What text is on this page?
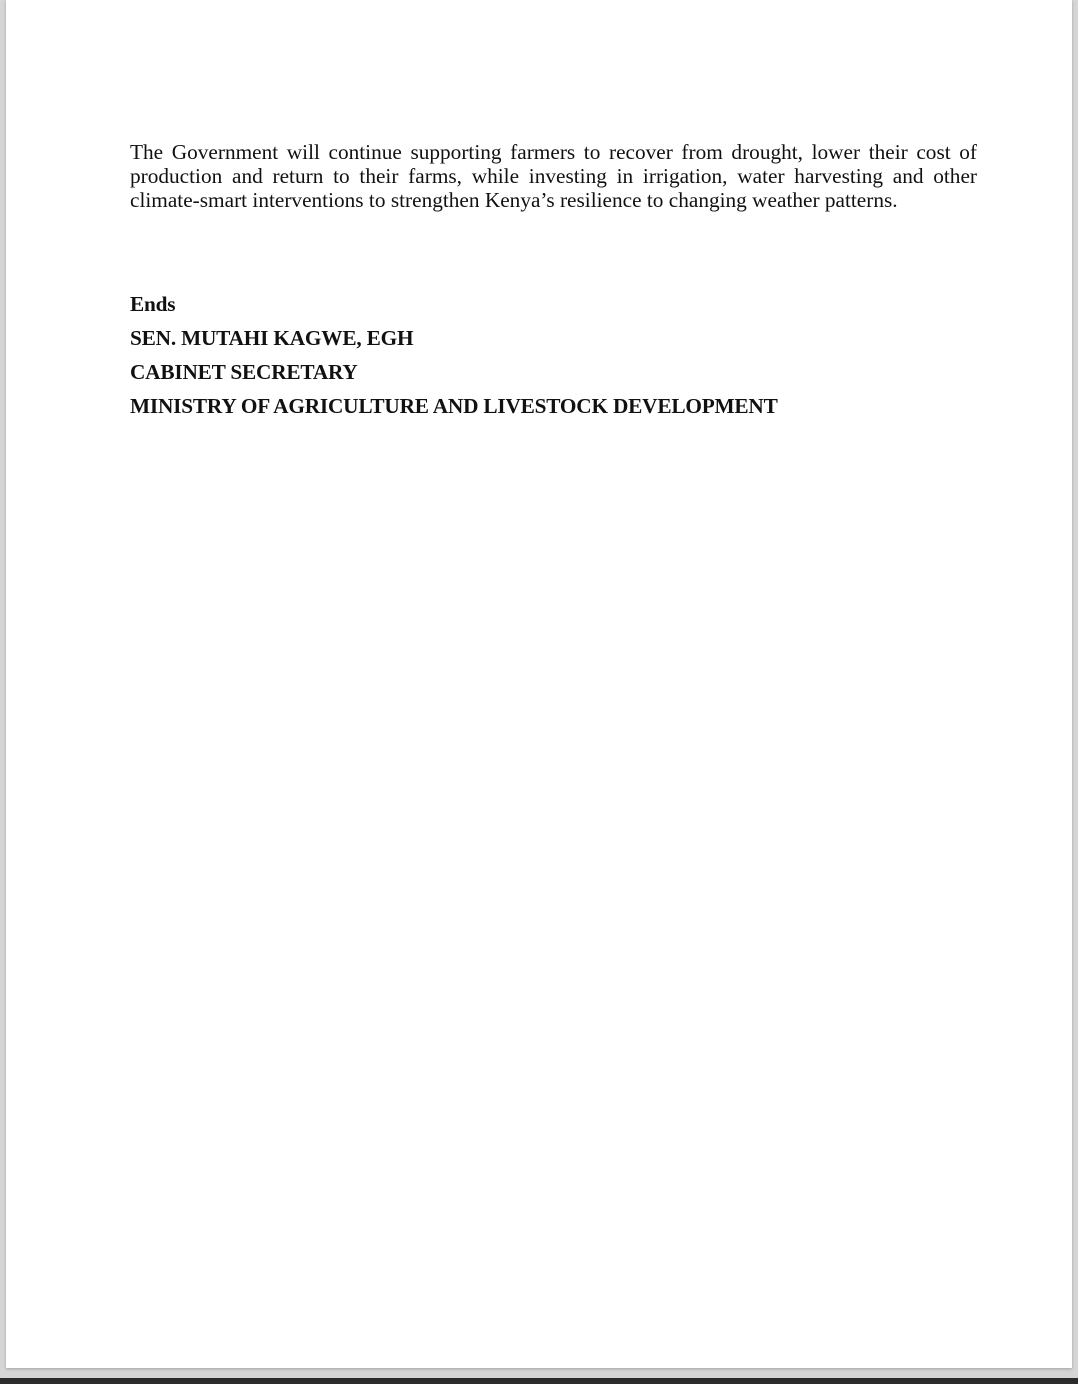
The Government will continue supporting farmers to recover from drought, lower their cost of production and return to their farms, while investing in irrigation, water harvesting and other climate-smart interventions to strengthen Kenya’s resilience to changing weather patterns.

Ends
SEN. MUTAHI KAGWE, EGH
CABINET SECRETARY
MINISTRY OF AGRICULTURE AND LIVESTOCK DEVELOPMENT
